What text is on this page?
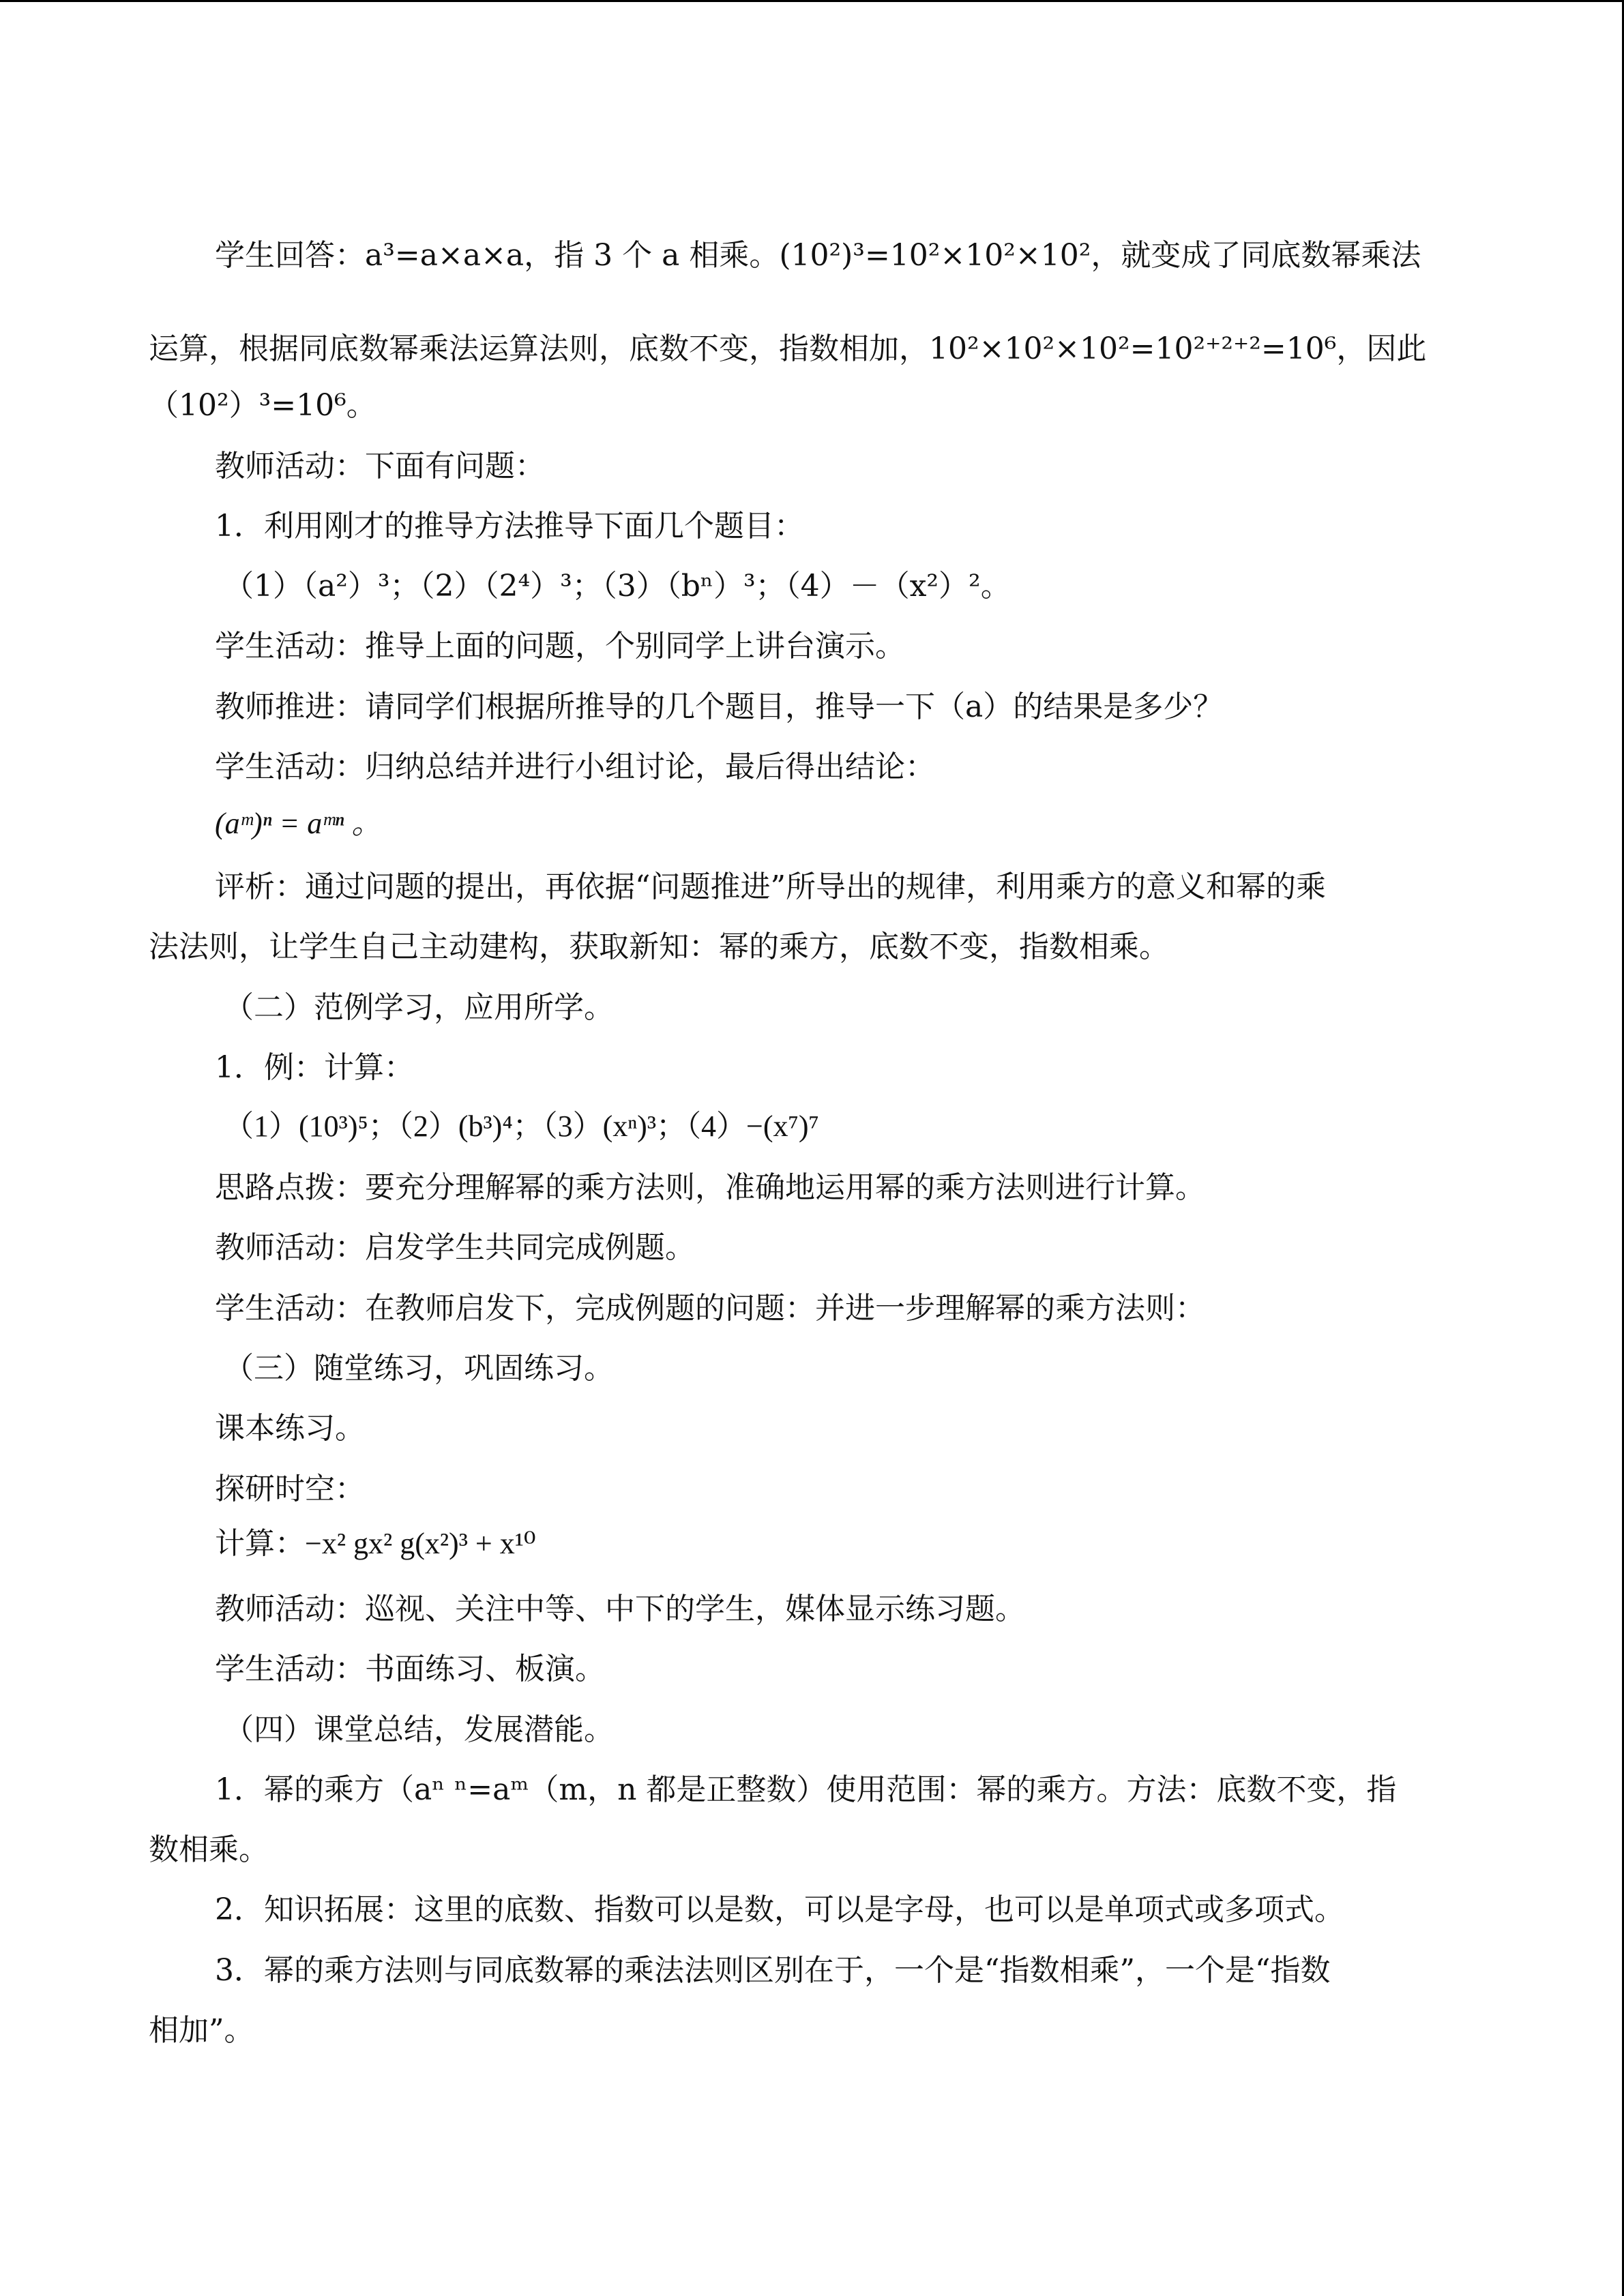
学生回答：a³=a×a×a，指 3 个 a 相乘。(10²)³=10²×10²×10²，就变成了同底数幂乘法
运算，根据同底数幂乘法运算法则，底数不变，指数相加，10²×10²×10²=10²⁺²⁺²=10⁶，因此
（10²）³=10⁶。
教师活动：下面有问题：
1．利用刚才的推导方法推导下面几个题目：
（1）（a²）³；（2）（2⁴）³；（3）（bⁿ）³；（4）－（x²）²。
学生活动：推导上面的问题，个别同学上讲台演示。
教师推进：请同学们根据所推导的几个题目，推导一下（a）的结果是多少？
学生活动：归纳总结并进行小组讨论，最后得出结论：
(aᵐ)ⁿ = aᵐⁿ 。
评析：通过问题的提出，再依据“问题推进”所导出的规律，利用乘方的意义和幂的乘
法法则，让学生自己主动建构，获取新知：幂的乘方，底数不变，指数相乘。
（二）范例学习，应用所学。
1．例：计算：
（1）(10³)⁵；（2）(b³)⁴；（3）(xⁿ)³；（4）−(x⁷)⁷
思路点拨：要充分理解幂的乘方法则，准确地运用幂的乘方法则进行计算。
教师活动：启发学生共同完成例题。
学生活动：在教师启发下，完成例题的问题：并进一步理解幂的乘方法则：
（三）随堂练习，巩固练习。
课本练习。
探研时空：
计算：−x² gx² g(x²)³ + x¹⁰
教师活动：巡视、关注中等、中下的学生，媒体显示练习题。
学生活动：书面练习、板演。
（四）课堂总结，发展潜能。
1．幂的乘方（aⁿ ⁿ=aᵐ（m，n 都是正整数）使用范围：幂的乘方。方法：底数不变，指
数相乘。
2．知识拓展：这里的底数、指数可以是数，可以是字母，也可以是单项式或多项式。
3．幂的乘方法则与同底数幂的乘法法则区别在于，一个是“指数相乘”，一个是“指数
相加”。
